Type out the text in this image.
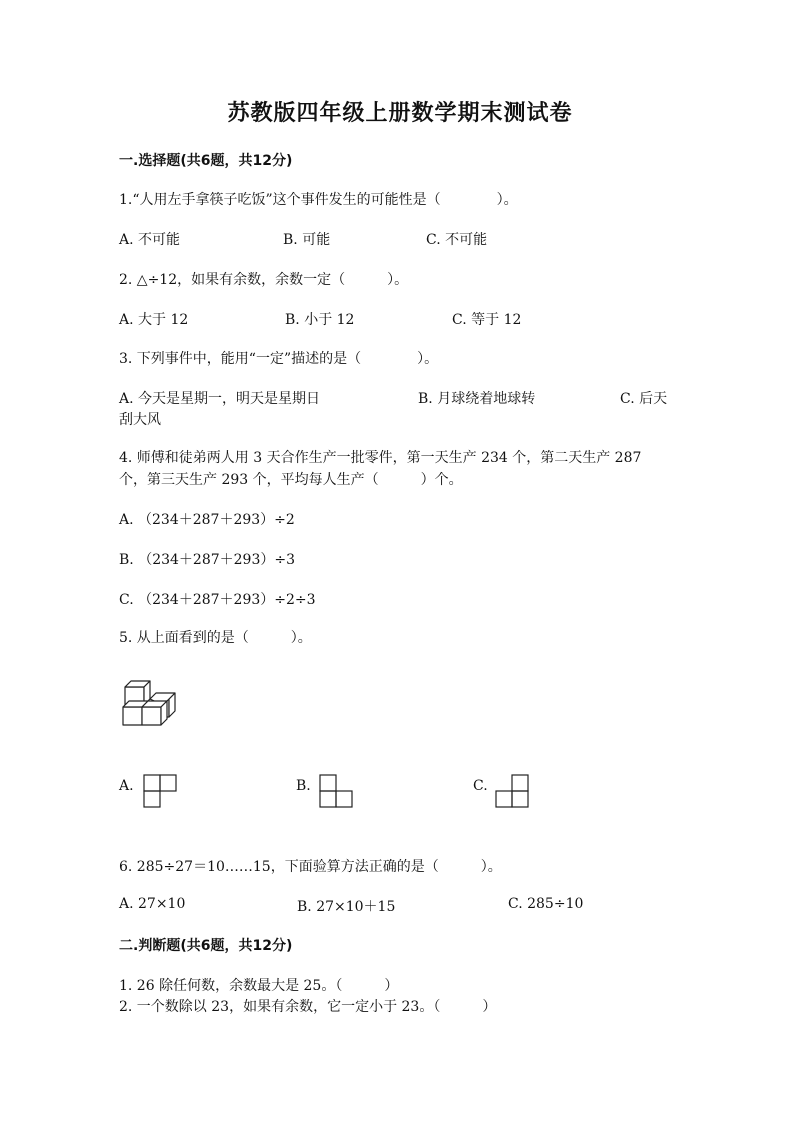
苏教版四年级上册数学期末测试卷
一.选择题(共6题，共12分)
1.“人用左手拿筷子吃饭”这个事件发生的可能性是（　　　　）。
A. 不可能	B. 可能	C. 不可能
2. △÷12，如果有余数，余数一定（　　　）。
A. 大于 12	B. 小于 12	C. 等于 12
3. 下列事件中，能用“一定”描述的是（　　　　）。
A. 今天是星期一，明天是星期日	B. 月球绕着地球转	C. 后天
刮大风
4. 师傅和徒弟两人用 3 天合作生产一批零件，第一天生产 234 个，第二天生产 287 个，第三天生产 293 个，平均每人生产（　　　）个。
A. （234＋287＋293）÷2
B. （234＋287＋293）÷3
C. （234＋287＋293）÷2÷3
5. 从上面看到的是（　　　）。
A.	B.	C.
6. 285÷27＝10……15，下面验算方法正确的是（　　　）。
A. 27×10	B. 27×10＋15	C. 285÷10
二.判断题(共6题，共12分)
1. 26 除任何数，余数最大是 25。（　　　）
2. 一个数除以 23，如果有余数，它一定小于 23。（　　　）
